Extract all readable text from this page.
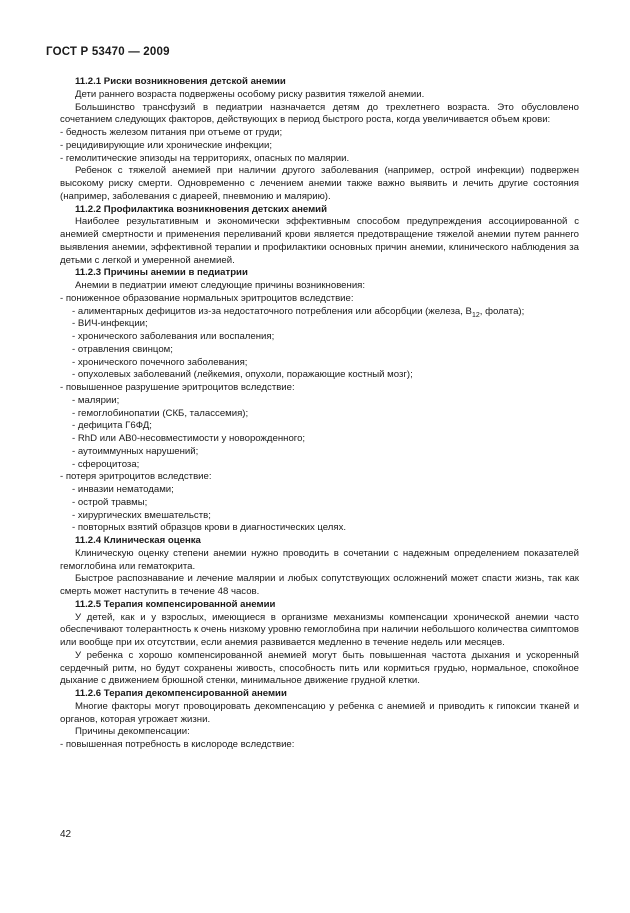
ГОСТ Р 53470 — 2009

11.2.1 Риски возникновения детской анемии

Дети раннего возраста подвержены особому риску развития тяжелой анемии.

Большинство трансфузий в педиатрии назначается детям до трехлетнего возраста. Это обусловлено сочетанием следующих факторов, действующих в период быстрого роста, когда увеличивается объем крови:

- бедность железом питания при отъеме от груди;

- рецидивирующие или хронические инфекции;

- гемолитические эпизоды на территориях, опасных по малярии.

Ребенок с тяжелой анемией при наличии другого заболевания (например, острой инфекции) подвержен высокому риску смерти. Одновременно с лечением анемии также важно выявить и лечить другие состояния (например, заболевания с диареей, пневмонию и малярию).

11.2.2 Профилактика возникновения детских анемий

Наиболее результативным и экономически эффективным способом предупреждения ассоциированной с анемией смертности и применения переливаний крови является предотвращение тяжелой анемии путем раннего выявления анемии, эффективной терапии и профилактики основных причин анемии, клинического наблюдения за детьми с легкой и умеренной анемией.

11.2.3 Причины анемии в педиатрии

Анемии в педиатрии имеют следующие причины возникновения:

- пониженное образование нормальных эритроцитов вследствие:

- алиментарных дефицитов из-за недостаточного потребления или абсорбции (железа, $B_{12}$, фолата);

- ВИЧ-инфекции;

- хронического заболевания или воспаления;

- отравления свинцом;

- хронического почечного заболевания;

- опухолевых заболеваний (лейкемия, опухоли, поражающие костный мозг);

- повышенное разрушение эритроцитов вследствие:

- малярии;

- гемоглобинопатии (СКБ, талассемия);

- дефицита Г6ФД;

- RhD или АВ0-несовместимости у новорожденного;

- аутоиммунных нарушений;

- сфероцитоза;

- потеря эритроцитов вследствие:

- инвазии нематодами;

- острой травмы;

- хирургических вмешательств;

- повторных взятий образцов крови в диагностических целях.

11.2.4 Клиническая оценка

Клиническую оценку степени анемии нужно проводить в сочетании с надежным определением показателей гемоглобина или гематокрита.

Быстрое распознавание и лечение малярии и любых сопутствующих осложнений может спасти жизнь, так как смерть может наступить в течение 48 часов.

11.2.5 Терапия компенсированной анемии

У детей, как и у взрослых, имеющиеся в организме механизмы компенсации хронической анемии часто обеспечивают толерантность к очень низкому уровню гемоглобина при наличии небольшого количества симптомов или вообще при их отсутствии, если анемия развивается медленно в течение недель или месяцев.

У ребенка с хорошо компенсированной анемией могут быть повышенная частота дыхания и ускоренный сердечный ритм, но будут сохранены живость, способность пить или кормиться грудью, нормальное, спокойное дыхание с движением брюшной стенки, минимальное движение грудной клетки.

11.2.6 Терапия декомпенсированной анемии

Многие факторы могут провоцировать декомпенсацию у ребенка с анемией и приводить к гипоксии тканей и органов, которая угрожает жизни.

Причины декомпенсации:

- повышенная потребность в кислороде вследствие:

42
